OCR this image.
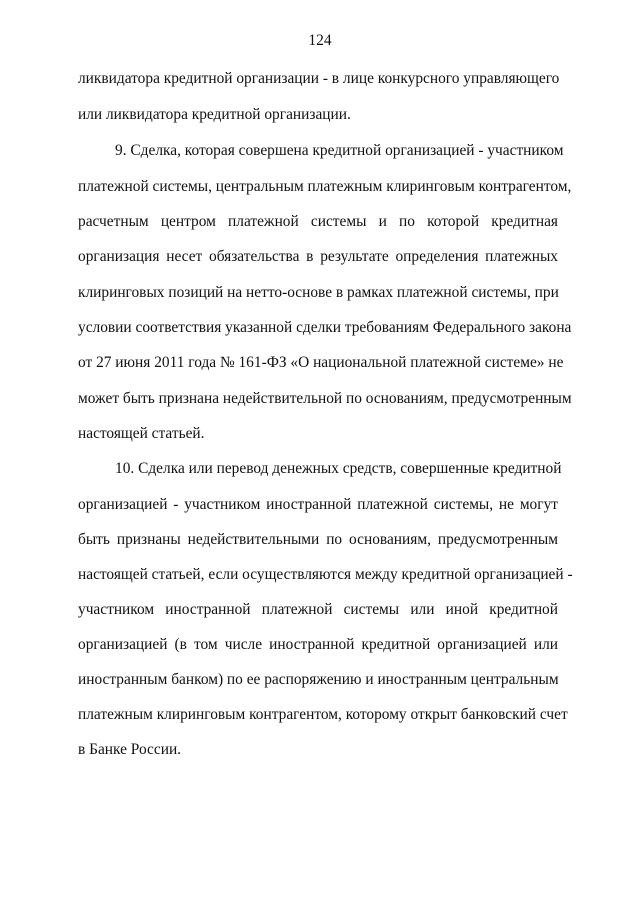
124
ликвидатора кредитной организации - в лице конкурсного управляющего
или ликвидатора кредитной организации.
9. Сделка, которая совершена кредитной организацией - участником
платежной системы, центральным платежным клиринговым контрагентом,
расчетным центром платежной системы и по которой кредитная
организация несет обязательства в результате определения платежных
клиринговых позиций на нетто-основе в рамках платежной системы, при
условии соответствия указанной сделки требованиям Федерального закона
от 27 июня 2011 года № 161-ФЗ «О национальной платежной системе» не
может быть признана недействительной по основаниям, предусмотренным
настоящей статьей.
10. Сделка или перевод денежных средств, совершенные кредитной
организацией - участником иностранной платежной системы, не могут
быть признаны недействительными по основаниям, предусмотренным
настоящей статьей, если осуществляются между кредитной организацией -
участником иностранной платежной системы или иной кредитной
организацией (в том числе иностранной кредитной организацией или
иностранным банком) по ее распоряжению и иностранным центральным
платежным клиринговым контрагентом, которому открыт банковский счет
в Банке России.
